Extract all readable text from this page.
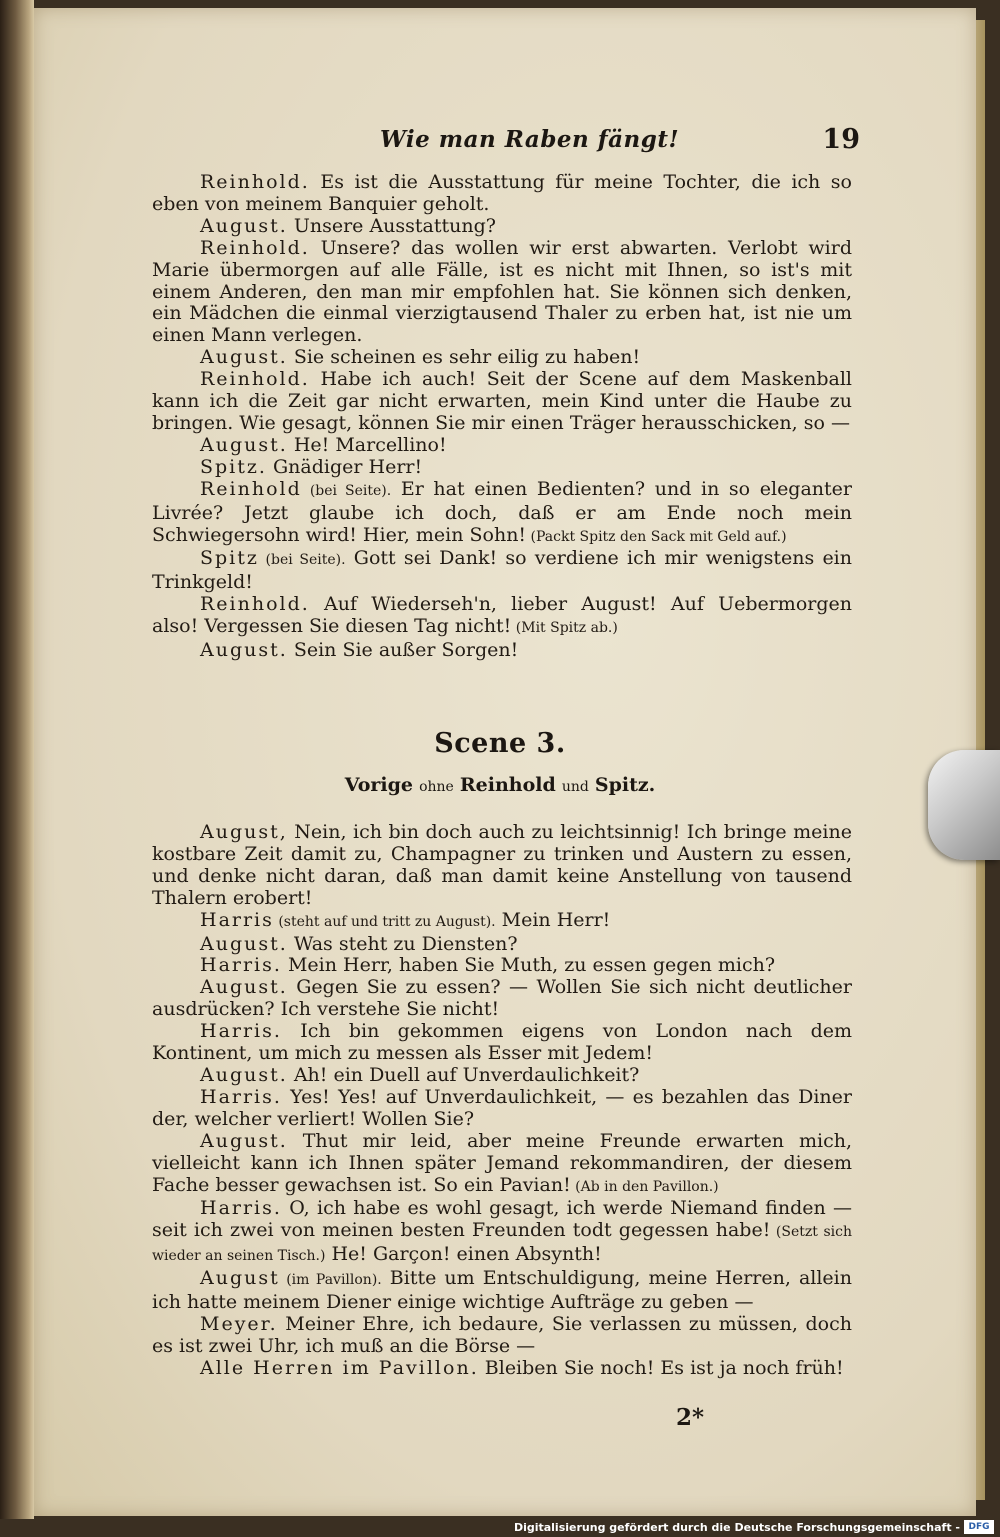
Wie man Raben fängt!	19

Reinhold. Es ist die Ausstattung für meine Tochter, die ich so eben von meinem Banquier geholt.

August. Unsere Ausstattung?

Reinhold. Unsere? das wollen wir erst abwarten. Verlobt wird Marie übermorgen auf alle Fälle, ist es nicht mit Ihnen, so ist's mit einem Anderen, den man mir empfohlen hat. Sie können sich denken, ein Mädchen die einmal vierzigtausend Thaler zu erben hat, ist nie um einen Mann verlegen.

August. Sie scheinen es sehr eilig zu haben!

Reinhold. Habe ich auch! Seit der Scene auf dem Maskenball kann ich die Zeit gar nicht erwarten, mein Kind unter die Haube zu bringen. Wie gesagt, können Sie mir einen Träger herausschicken, so —

August. He! Marcellino!

Spitz. Gnädiger Herr!

Reinhold (bei Seite). Er hat einen Bedienten? und in so eleganter Livrée? Jetzt glaube ich doch, daß er am Ende noch mein Schwiegersohn wird! Hier, mein Sohn! (Packt Spitz den Sack mit Geld auf.)

Spitz (bei Seite). Gott sei Dank! so verdiene ich mir wenigstens ein Trinkgeld!

Reinhold. Auf Wiederseh'n, lieber August! Auf Uebermorgen also! Vergessen Sie diesen Tag nicht! (Mit Spitz ab.)

August. Sein Sie außer Sorgen!

Scene 3.
Vorige ohne Reinhold und Spitz.

August, Nein, ich bin doch auch zu leichtsinnig! Ich bringe meine kostbare Zeit damit zu, Champagner zu trinken und Austern zu essen, und denke nicht daran, daß man damit keine Anstellung von tausend Thalern erobert!

Harris (steht auf und tritt zu August). Mein Herr!

August. Was steht zu Diensten?

Harris. Mein Herr, haben Sie Muth, zu essen gegen mich?

August. Gegen Sie zu essen? — Wollen Sie sich nicht deutlicher ausdrücken? Ich verstehe Sie nicht!

Harris. Ich bin gekommen eigens von London nach dem Kontinent, um mich zu messen als Esser mit Jedem!

August. Ah! ein Duell auf Unverdaulichkeit?

Harris. Yes! Yes! auf Unverdaulichkeit, — es bezahlen das Diner der, welcher verliert! Wollen Sie?

August. Thut mir leid, aber meine Freunde erwarten mich, vielleicht kann ich Ihnen später Jemand rekommandiren, der diesem Fache besser gewachsen ist. So ein Pavian! (Ab in den Pavillon.)

Harris. O, ich habe es wohl gesagt, ich werde Niemand finden — seit ich zwei von meinen besten Freunden todt gegessen habe! (Setzt sich wieder an seinen Tisch.) He! Garçon! einen Absynth!

August (im Pavillon). Bitte um Entschuldigung, meine Herren, allein ich hatte meinem Diener einige wichtige Aufträge zu geben —

Meyer. Meiner Ehre, ich bedaure, Sie verlassen zu müssen, doch es ist zwei Uhr, ich muß an die Börse —

Alle Herren im Pavillon. Bleiben Sie noch! Es ist ja noch früh!

2*
Digitalisierung gefördert durch die Deutsche Forschungsgemeinschaft - DFG
